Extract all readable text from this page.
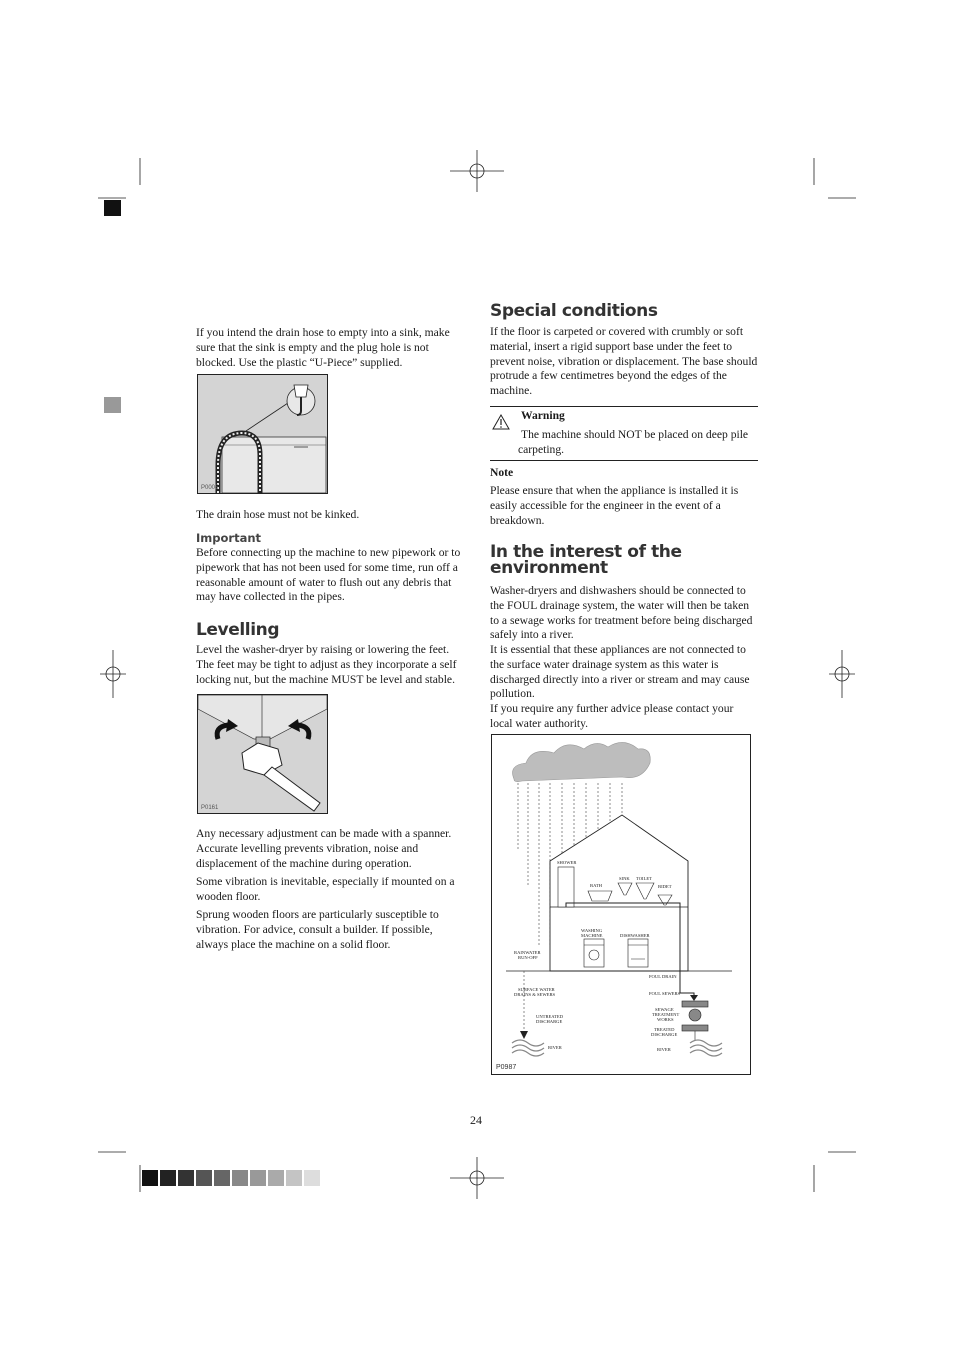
If you intend the drain hose to empty into a sink, make sure that the sink is empty and the plug hole is not blocked. Use the plastic “U-Piece” supplied.
P0005
The drain hose must not be kinked.
Important
Before connecting up the machine to new pipework or to pipework that has not been used for some time, run off a reasonable amount of water to flush out any debris that may have collected in the pipes.
Levelling
Level the washer-dryer by raising or lowering the feet. The feet may be tight to adjust as they incorporate a self locking nut, but the machine MUST be level and stable.
P0161
Any necessary adjustment can be made with a spanner. Accurate levelling prevents vibration, noise and displacement of the machine during operation.
Some vibration is inevitable, especially if mounted on a wooden floor.
Sprung wooden floors are particularly susceptible to vibration. For advice, consult a builder. If possible, always place the machine on a solid floor.
Special conditions
If the floor is carpeted or covered with crumbly or soft material, insert a rigid support base under the feet to prevent noise, vibration or displacement. The base should protrude a few centimetres beyond the edges of the machine.
Warning
The machine should NOT be placed on deep pile carpeting.
Note
Please ensure that when the appliance is installed it is easily accessible for the engineer in the event of a breakdown.
In the interest of the
environment
Washer-dryers and dishwashers should be connected to the FOUL drainage system, the water will then be taken to a sewage works for treatment before being discharged safely into a river.
It is essential that these appliances are not connected to the surface water drainage system as this water is discharged directly into a river or stream and may cause pollution.
If you require any further advice please contact your local water authority.
SHOWER
BATH
SINK TOILET
BIDET
WASHING
MACHINE	DISHWASHER
RAINWATER
RUN-OFF
FOUL DRAIN
SURFACE WATER
DRAINS & SEWERS	FOUL SEWERS
UNTREATED
DISCHARGE
SEWAGE
TREATMENT
WORKS
TREATED
DISCHARGE
RIVER	RIVER
P0987
24
